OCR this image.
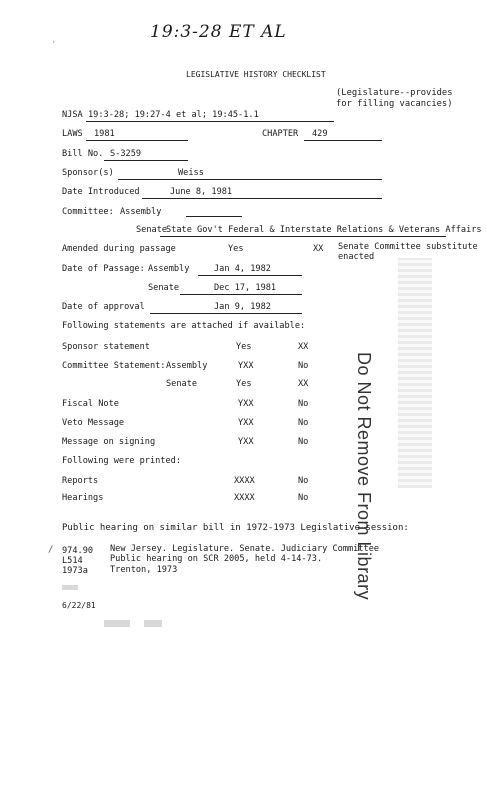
19:3-28 ET AL
LEGISLATIVE HISTORY CHECKLIST
(Legislature--provides
for filling vacancies)
NJSA 19:3-28; 19:27-4 et al; 19:45-1.1
LAWS 1981	CHAPTER 429
Bill No. S-3259
Sponsor(s)	Weiss
Date Introduced	June 8, 1981
Committee: Assembly
Senate
State Gov't Federal & Interstate Relations & Veterans Affairs
Amended during passage	Yes	XX Senate Committee substitute
enacted
Date of Passage: Assembly	Jan 4, 1982
Senate	Dec 17, 1981
Date of approval	Jan 9, 1982
Following statements are attached if available:
Sponsor statement	Yes	XX
Committee Statement: Assembly	YXX	No
Senate	Yes	XX
Fiscal Note	YXX	No
Veto Message	YXX	No
Message on signing	YXX	No
Following were printed:
Reports	XXXX	No
Hearings	XXXX	No	Do Not Remove From Library
Public hearing on similar bill in 1972-1973 Legislative session:
974.90
L514
1973a
New Jersey. Legislature. Senate. Judiciary Committee
Public hearing on SCR 2005, held 4-14-73.
Trenton, 1973
6/22/81
·
/
